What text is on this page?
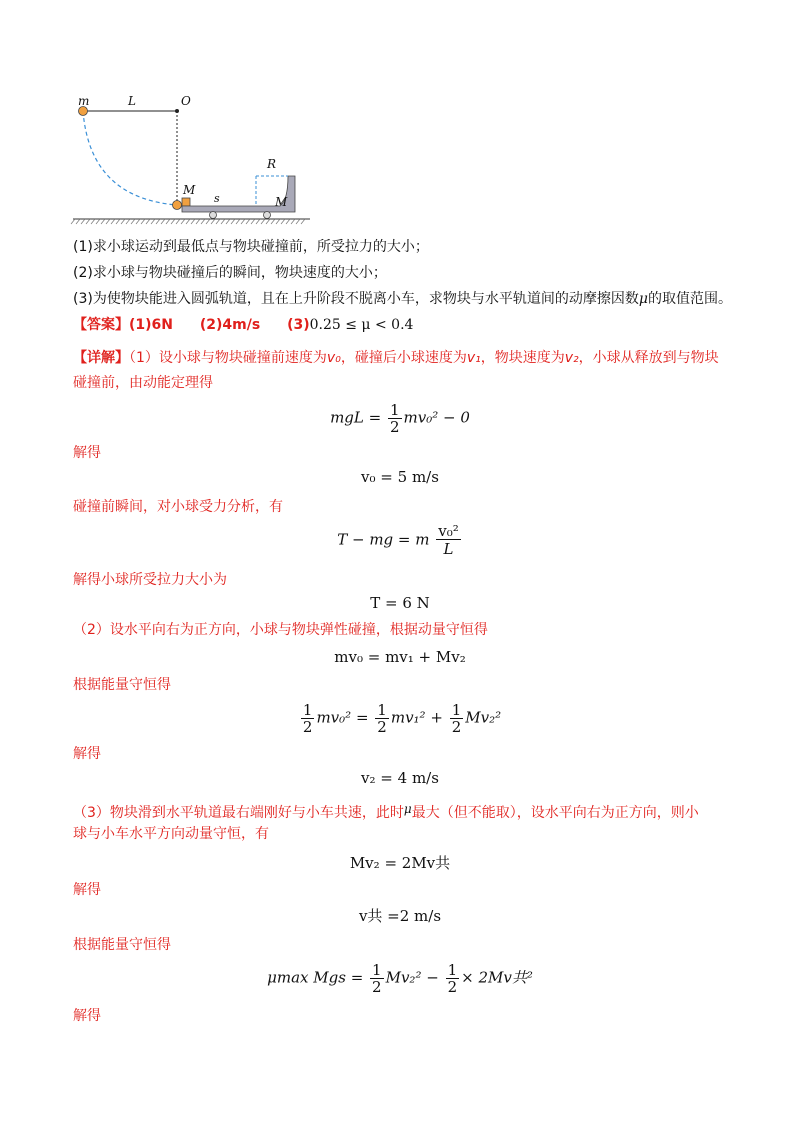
m	L	O
R
M
s	M
(1)求小球运动到最低点与物块碰撞前，所受拉力的大小；
(2)求小球与物块碰撞后的瞬间，物块速度的大小；
(3)为使物块能进入圆弧轨道，且在上升阶段不脱离小车，求物块与水平轨道间的动摩擦因数μ的取值范围。
【答案】(1)6N (2)4m/s (3)0.25 ≤ μ < 0.4
【详解】（1）设小球与物块碰撞前速度为v₀，碰撞后小球速度为v₁，物块速度为v₂，小球从释放到与物块
碰撞前，由动能定理得
mgL = $\frac{1}{2} mv_0^2 - 0$
解得
v₀ = 5 m/s
碰撞前瞬间，对小球受力分析，有
T − mg = m $\frac{\text{v₀²}}{L}$
解得小球所受拉力大小为
T = 6 N
（2）设水平向右为正方向，小球与物块弹性碰撞，根据动量守恒得
mv₀ = mv₁ + Mv₂
根据能量守恒得
$\frac{1}{2} mv_0^2 = \frac{1}{2} mv_1^2 + \frac{1}{2} Mv_2^2$
解得
v₂ = 4 m/s
（3）物块滑到水平轨道最右端刚好与小车共速，此时μ最大（但不能取），设水平向右为正方向，则小
球与小车水平方向动量守恒，有
Mv₂ = 2Mv共
解得
v共 =2 m/s
根据能量守恒得
μmax Mgs = $\frac{1}{2} Mv_2^2 - \frac{1}{2} \times 2Mv$共²
解得
